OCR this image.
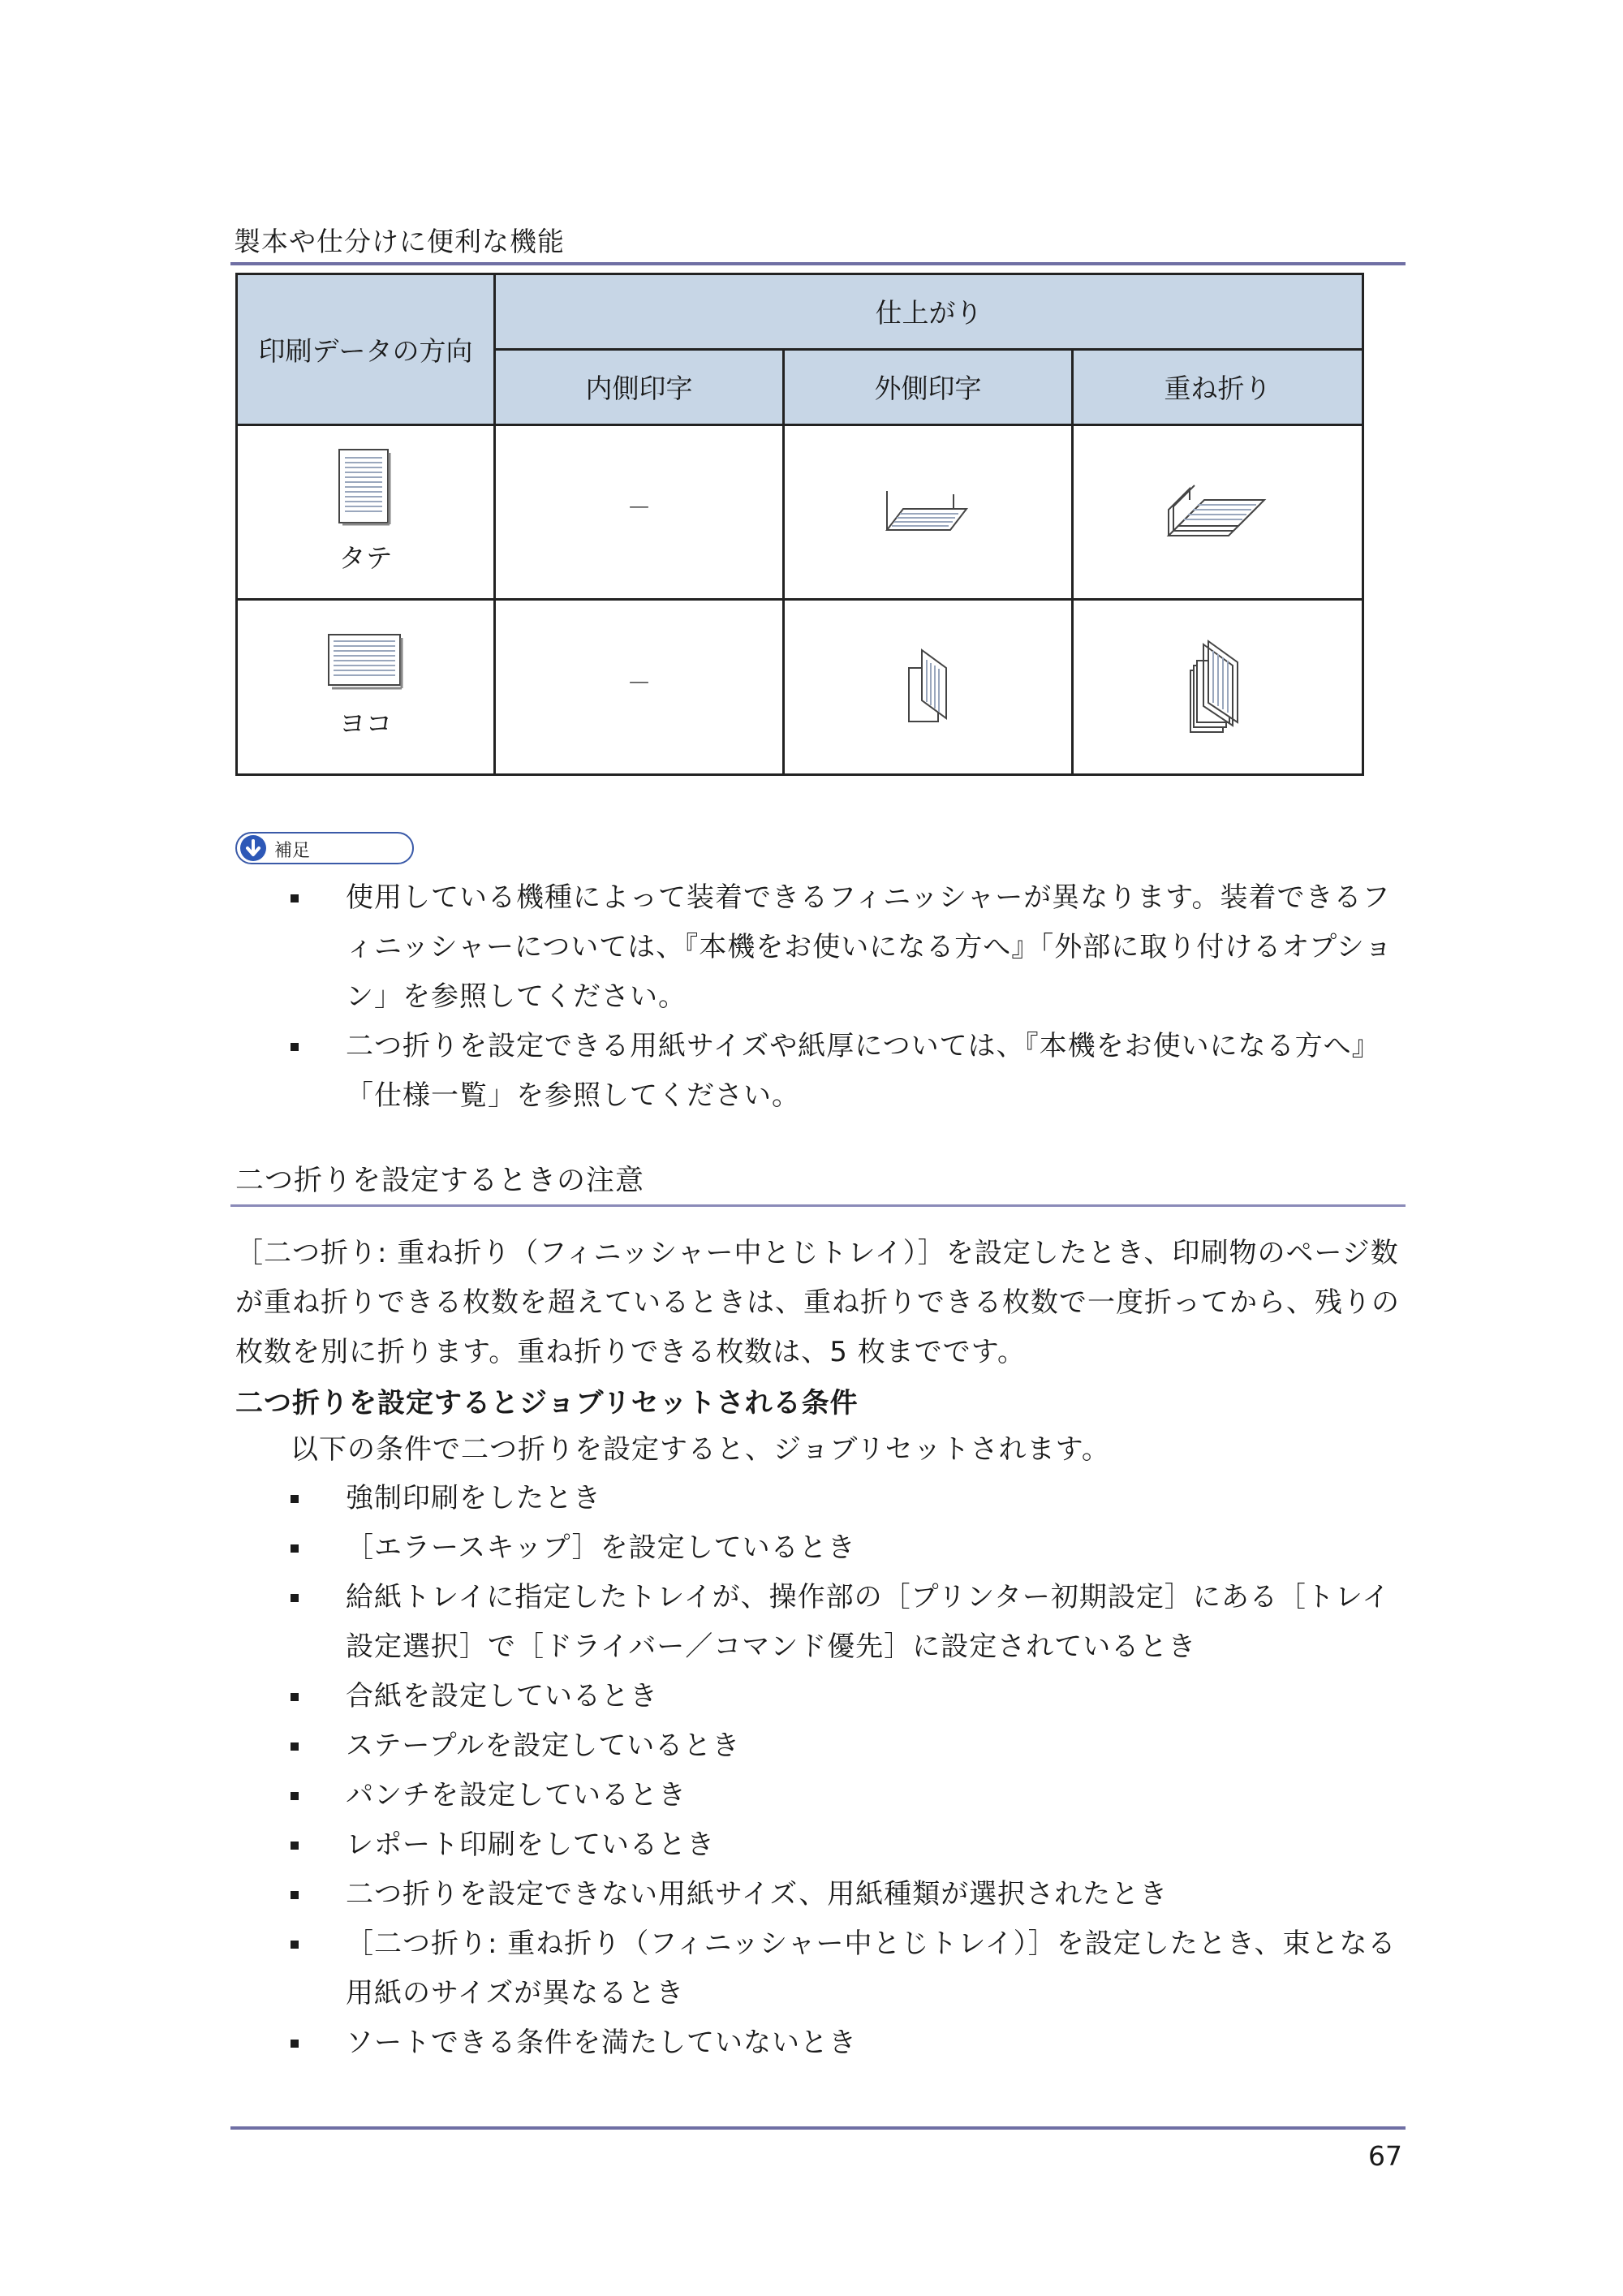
製本や仕分けに便利な機能
印刷データの方向	仕上がり		
	内側印字	外側印字	重ね折り

タテ	－	

ヨコ	－	

補足
使用している機種によって装着できるフィニッシャーが異なります。装着できるフィニッシャーについては、『本機をお使いになる方へ』「外部に取り付けるオプション」を参照してください。
二つ折りを設定できる用紙サイズや紙厚については、『本機をお使いになる方へ』「仕様一覧」を参照してください。
二つ折りを設定するときの注意
［二つ折り: 重ね折り（フィニッシャー中とじトレイ）］を設定したとき、印刷物のページ数が重ね折りできる枚数を超えているときは、重ね折りできる枚数で一度折ってから、残りの枚数を別に折ります。重ね折りできる枚数は、5 枚までです。
二つ折りを設定するとジョブリセットされる条件
以下の条件で二つ折りを設定すると、ジョブリセットされます。
強制印刷をしたとき
［エラースキップ］を設定しているとき
給紙トレイに指定したトレイが、操作部の［プリンター初期設定］にある［トレイ設定選択］で［ドライバー／コマンド優先］に設定されているとき
合紙を設定しているとき
ステープルを設定しているとき
パンチを設定しているとき
レポート印刷をしているとき
二つ折りを設定できない用紙サイズ、用紙種類が選択されたとき
［二つ折り: 重ね折り（フィニッシャー中とじトレイ）］を設定したとき、束となる用紙のサイズが異なるとき
ソートできる条件を満たしていないとき
67
